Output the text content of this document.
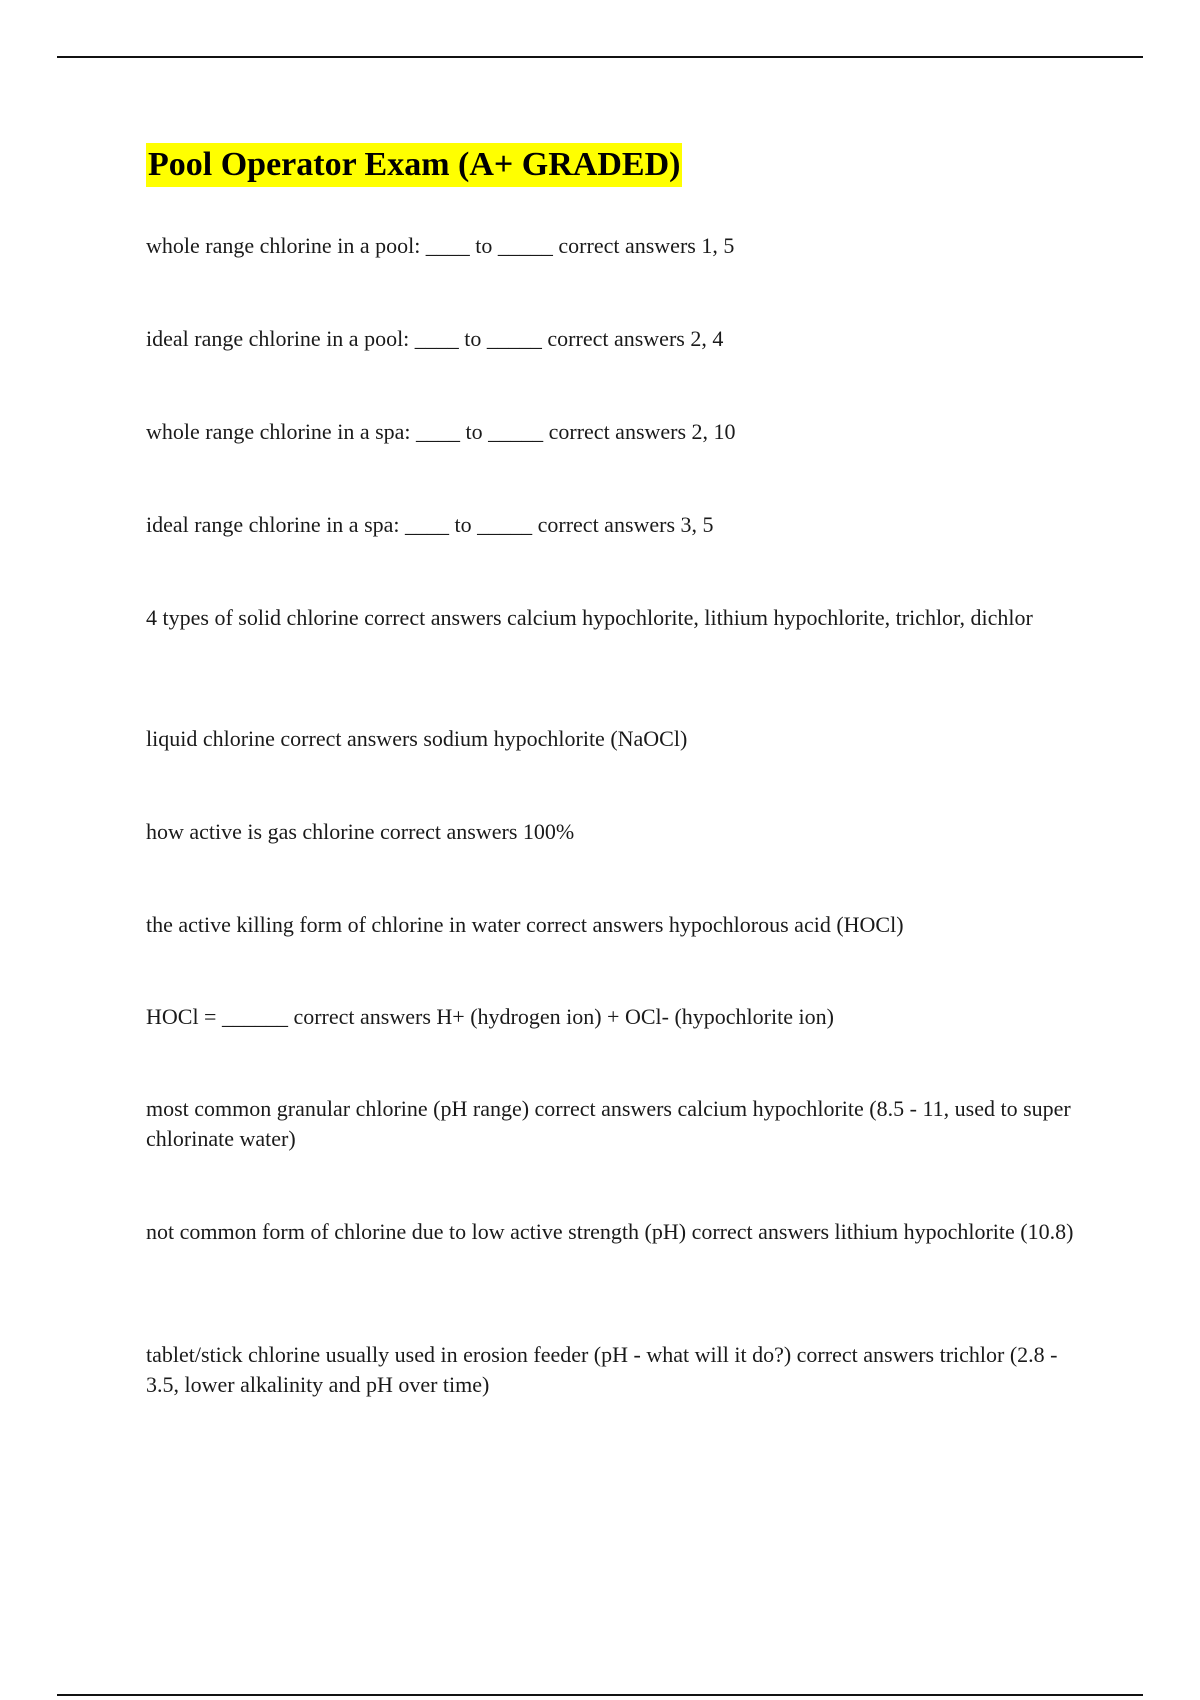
Pool Operator Exam (A+ GRADED)
whole range chlorine in a pool: ____ to _____ correct answers 1, 5
ideal range chlorine in a pool: ____ to _____ correct answers 2, 4
whole range chlorine in a spa: ____ to _____ correct answers 2, 10
ideal range chlorine in a spa: ____ to _____ correct answers 3, 5
4 types of solid chlorine correct answers calcium hypochlorite, lithium hypochlorite, trichlor, dichlor
liquid chlorine correct answers sodium hypochlorite (NaOCl)
how active is gas chlorine correct answers 100%
the active killing form of chlorine in water correct answers hypochlorous acid (HOCl)
HOCl = ______ correct answers H+ (hydrogen ion) + OCl- (hypochlorite ion)
most common granular chlorine (pH range) correct answers calcium hypochlorite (8.5 - 11, used to super chlorinate water)
not common form of chlorine due to low active strength (pH) correct answers lithium hypochlorite (10.8)
tablet/stick chlorine usually used in erosion feeder (pH - what will it do?) correct answers trichlor (2.8 - 3.5, lower alkalinity and pH over time)
